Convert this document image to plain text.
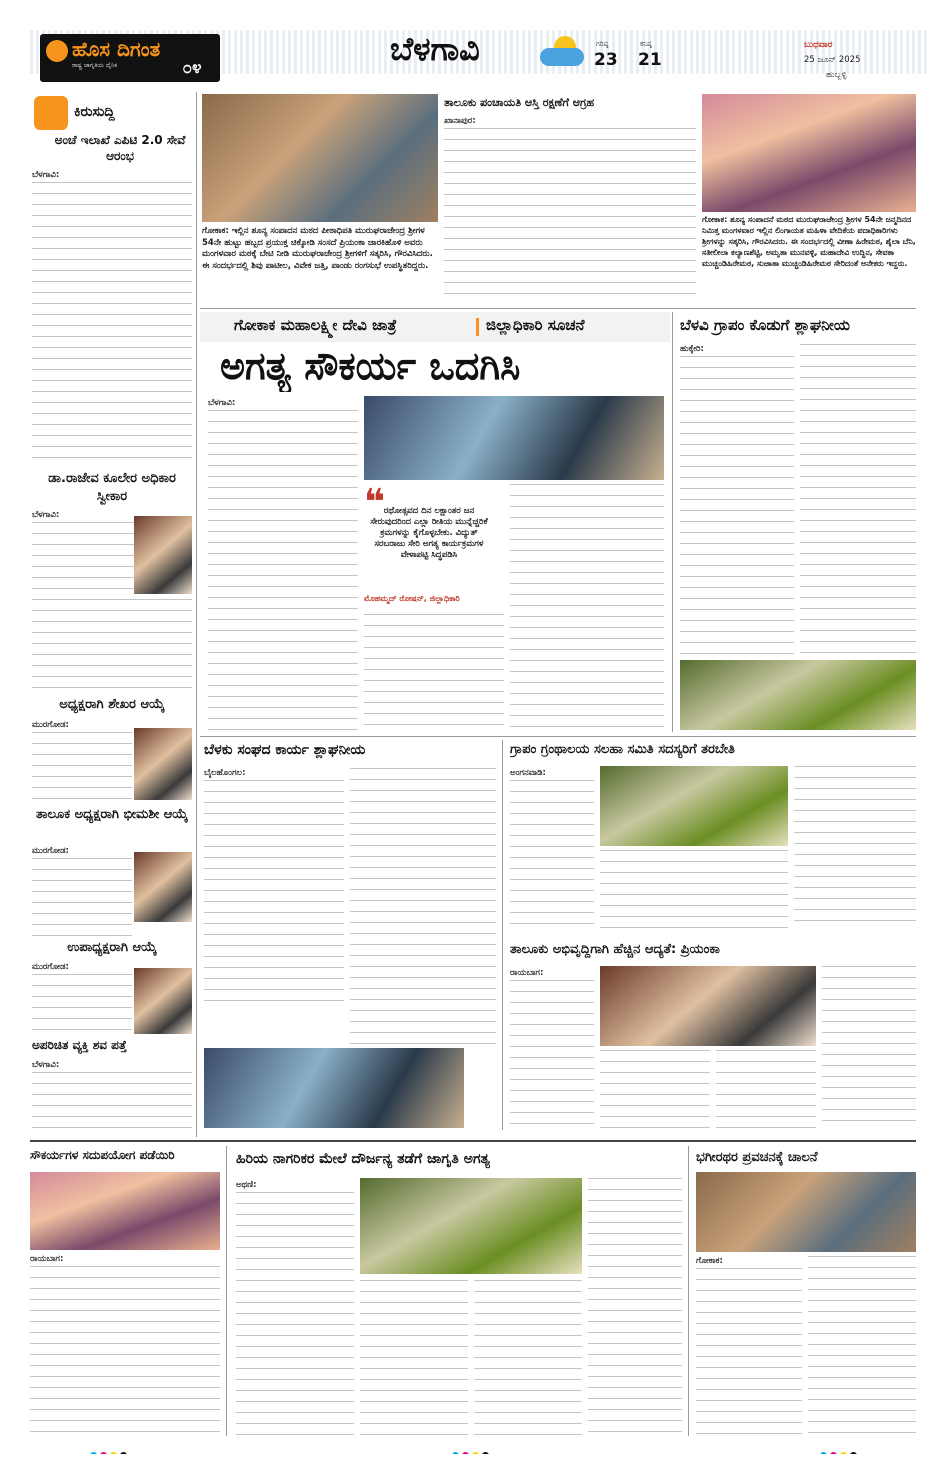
ಹೊಸ ದಿಗಂತ
ರಾಷ್ಟ್ರ ಜಾಗೃತಿಯ ದೈನಿಕ	೦೪	ಬೆಳಗಾವಿ	ಗರಿಷ್ಠ
23
ಕನಿಷ್ಠ
21
ಬುಧವಾರ
25 ಜೂನ್ 2025
ಹುಬ್ಬಳ್ಳಿ
ಕಿರುಸುದ್ದಿ
ಅಂಚೆ ಇಲಾಖೆ ಎಪಿಟಿ 2.0 ಸೇವೆ ಆರಂಭ
ಬೆಳಗಾವಿ:
ಡಾ.ರಾಜೇವ ಕೂಲೇರ ಅಧಿಕಾರ ಸ್ವೀಕಾರ
ಬೆಳಗಾವಿ:
ಅಧ್ಯಕ್ಷರಾಗಿ ಶೇಖರ ಆಯ್ಕೆ
ಮುರಗೋಡ:
ತಾಲೂಕ ಅಧ್ಯಕ್ಷರಾಗಿ ಭೀಮಶೀ ಆಯ್ಕೆ
ಮುರಗೋಡ:
ಉಪಾಧ್ಯಕ್ಷರಾಗಿ ಆಯ್ಕೆ
ಮುರಗೋಡ:
ಅಪರಿಚಿತ ವ್ಯಕ್ತಿ ಶವ ಪತ್ತೆ
ಬೆಳಗಾವಿ:
ಗೋಕಾಕ: ಇಲ್ಲಿನ ಶೂನ್ಯ ಸಂಪಾದನ ಮಠದ ಪೀಠಾಧಿಪತಿ ಮುರುಘರಾಜೇಂದ್ರ ಶ್ರೀಗಳ 54ನೇ ಹುಟ್ಟು ಹಬ್ಬದ ಪ್ರಯುಕ್ತ ಚಿಕ್ಕೋಡಿ ಸಂಸದೆ ಪ್ರಿಯಂಕಾ ಜಾರಕಿಹೊಳಿ ಅವರು ಮಂಗಳವಾರ ಮಠಕ್ಕೆ ಬೇಟಿ ನೀಡಿ ಮುರುಘರಾಜೇಂದ್ರ ಶ್ರೀಗಳಿಗೆ ಸತ್ಕರಿಸಿ, ಗೌರವಿಸಿದರು. ಈ ಸಂದರ್ಭದಲ್ಲಿ ಶಿವು ಪಾಟೀಲ, ವಿವೇಕ ಜತ್ತಿ, ಪಾಂಡು ರಂಗಸುಭೆ ಉಪಸ್ಥಿತರಿದ್ದರು.
ತಾಲೂಕು ಪಂಚಾಯತಿ ಆಸ್ತಿ ರಕ್ಷಣೆಗೆ ಆಗ್ರಹ
ಖಾನಾಪುರ:
ಗೋಕಾಕ: ಶೂನ್ಯ ಸಂಪಾದನೆ ಮಠದ ಮುರುಘರಾಜೇಂದ್ರ ಶ್ರೀಗಳ 54ನೇ ಜನ್ಮದಿನದ ನಿಮಿತ್ತ ಮಂಗಳವಾರ ಇಲ್ಲಿನ ಲಿಂಗಾಯತ ಮಹಿಳಾ ವೇದಿಕೆಯ ಪದಾಧಿಕಾರಿಗಳು ಶ್ರೀಗಳನ್ನು ಸತ್ಕರಿಸಿ, ಗೌರವಿಸಿದರು. ಈ ಸಂದರ್ಭದಲ್ಲಿ ವೀಣಾ ಹಿರೇಮಠ, ಶೈಲಾ ಬೆನಿ, ಸತೀಲೀಲಾ ಕಲ್ಯಾಣಶೆಟ್ಟಿ, ಅಮೃತಾ ಮುನವಳ್ಳಿ, ಮಹಾದೇವಿ ಉದ್ದಿನ, ಸೇವಕಾ ಮುಚ್ಚಂಡಿಹಿರೇಮಠ, ಸುಜಾತಾ ಮುಚ್ಚಂಡಿಹಿರೇಮಠ ಸೇರಿದಂತೆ ಅನೇಕರು ಇದ್ದರು.
ಗೋಕಾಕ ಮಹಾಲಕ್ಷ್ಮೀ ದೇವಿ ಜಾತ್ರೆ	ಜಿಲ್ಲಾಧಿಕಾರಿ ಸೂಚನೆ
ಅಗತ್ಯ ಸೌಕರ್ಯ ಒದಗಿಸಿ
ಬೆಳಗಾವಿ:
❝
ರಥೋತ್ಸವದ ದಿನ ಲಕ್ಷಾಂತರ ಜನ ಸೇರುವುದರಿಂದ ಎಲ್ಲಾ ರೀತಿಯ ಮುನ್ನೆಚ್ಚರಿಕೆ ಕ್ರಮಗಳನ್ನು ಕೈಗೊಳ್ಳಬೇಕು. ವಿದ್ಯುತ್ ಸರಬರಾಜು ಸೇರಿ ಅಗತ್ಯ ಕಾರ್ಯಕ್ರಮಗಳ ವೇಳಾಪಟ್ಟಿ ಸಿದ್ಧಪಡಿಸಿ
ಮೊಹಮ್ಮದ್ ರೋಷನ್, ಜಿಲ್ಲಾಧಿಕಾರಿ
ಬೆಳವಿ ಗ್ರಾಪಂ ಕೊಡುಗೆ ಶ್ಲಾಘನೀಯ
ಹುಕ್ಕೇರಿ:
ಬೆಳಕು ಸಂಘದ ಕಾರ್ಯ ಶ್ಲಾಘನೀಯ
ಬೈಲಹೊಂಗಲ:
ಗ್ರಾಪಂ ಗ್ರಂಥಾಲಯ ಸಲಹಾ ಸಮಿತಿ ಸದಸ್ಯರಿಗೆ ತರಬೇತಿ
ಅಂಗನವಾಡಿ:
ತಾಲೂಕು ಅಭಿವೃದ್ದಿಗಾಗಿ ಹೆಚ್ಚಿನ ಆದ್ಯತೆ: ಪ್ರಿಯಂಕಾ
ರಾಯಬಾಗ:
ಸೌಕರ್ಯಗಳ ಸದುಪಯೋಗ ಪಡೆಯಿರಿ
ರಾಯಬಾಗ:
ಹಿರಿಯ ನಾಗರಿಕರ ಮೇಲೆ ದೌರ್ಜನ್ಯ ತಡೆಗೆ ಜಾಗೃತಿ ಅಗತ್ಯ
ಅಥಣಿ:
ಭಗೀರಥರ ಪ್ರವಚನಕ್ಕೆ ಚಾಲನೆ
ಗೋಕಾಕ:
